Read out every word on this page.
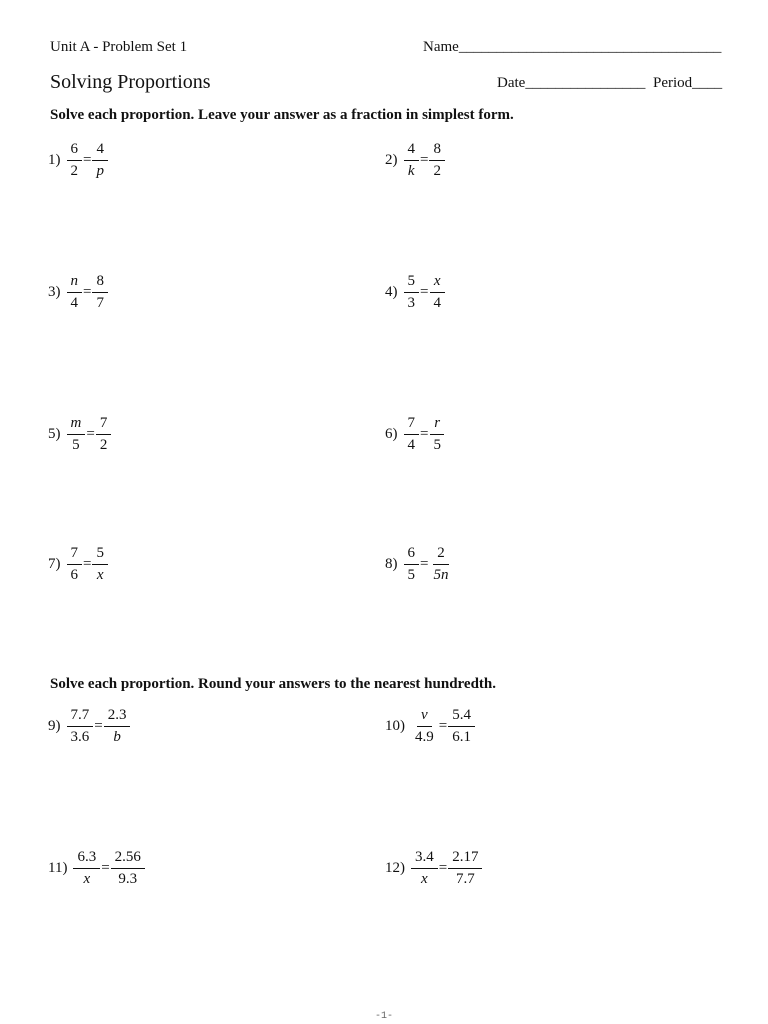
Unit A - Problem Set 1	Name___________________________________
Solving Proportions	Date________________ Period____
Solve each proportion. Leave your answer as a fraction in simplest form.
Solve each proportion. Round your answers to the nearest hundredth.
$1) \frac{6}{2} = \frac{4}{p}$	$2) \frac{4}{k} = \frac{8}{2}$
$3) \frac{n}{4} = \frac{8}{7}$	$4) \frac{5}{3} = \frac{x}{4}$
$5) \frac{m}{5} = \frac{7}{2}$	$6) \frac{7}{4} = \frac{r}{5}$
$7) \frac{7}{6} = \frac{5}{x}$	$8) \frac{6}{5} = \frac{2}{5n}$
$9) \frac{7.7}{3.6} = \frac{2.3}{b}$	$10) \frac{v}{4.9} = \frac{5.4}{6.1}$
$11) \frac{6.3}{x} = \frac{2.56}{9.3}$	$12) \frac{3.4}{x} = \frac{2.17}{7.7}$
-1-
